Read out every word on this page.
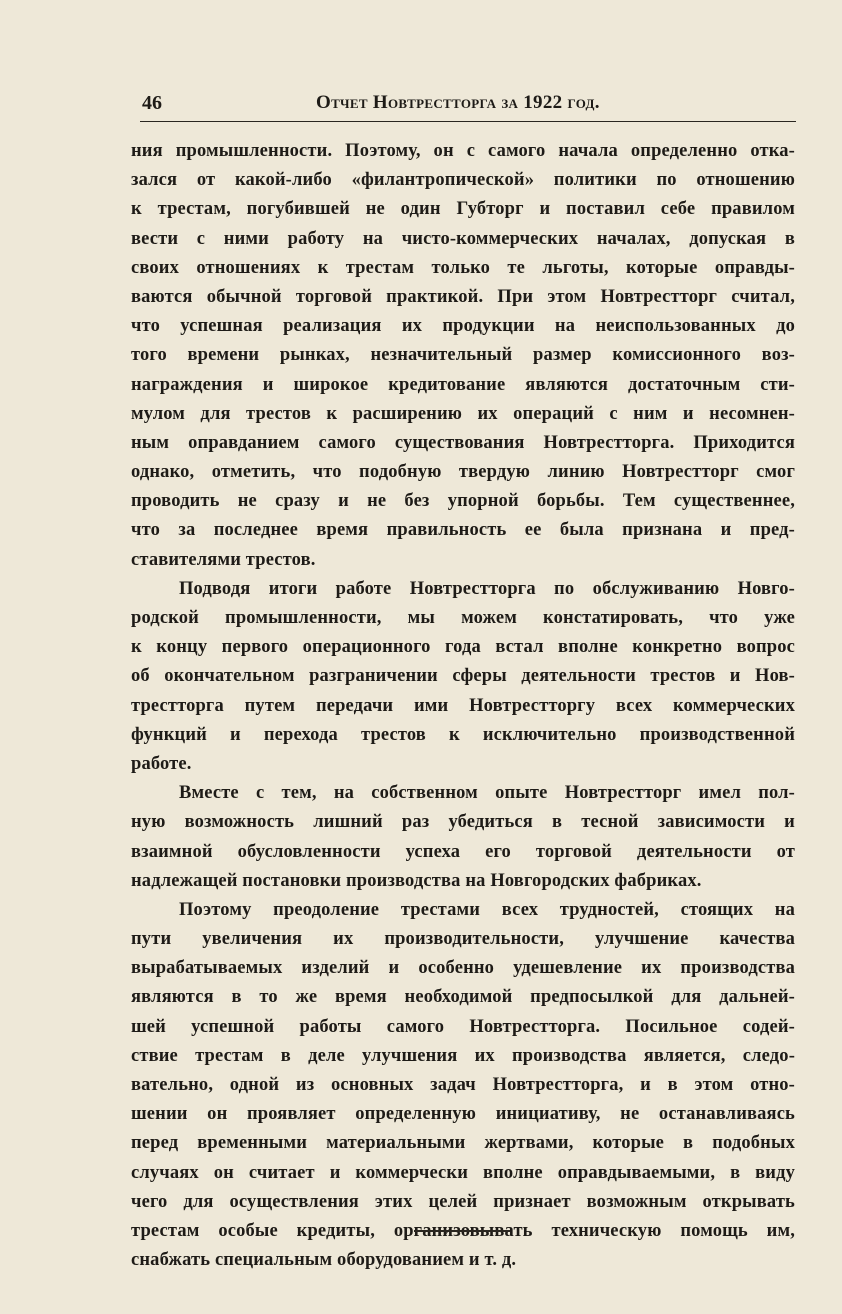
46	Отчет Новтрестторга за 1922 год.
ния промышленности. Поэтому, он с самого начала определенно отка-
зался от какой-либо «филантропической» политики по отношению
к трестам, погубившей не один Губторг и поставил себе правилом
вести с ними работу на чисто-коммерческих началах, допуская в
своих отношениях к трестам только те льготы, которые оправды-
ваются обычной торговой практикой. При этом Новтрестторг считал,
что успешная реализация их продукции на неиспользованных до
того времени рынках, незначительный размер комиссионного воз-
награждения и широкое кредитование являются достаточным сти-
мулом для трестов к расширению их операций с ним и несомнен-
ным оправданием самого существования Новтрестторга. Приходится
однако, отметить, что подобную твердую линию Новтрестторг смог
проводить не сразу и не без упорной борьбы. Тем существеннее,
что за последнее время правильность ее была признана и пред-
ставителями трестов.
Подводя итоги работе Новтрестторга по обслуживанию Новго-
родской промышленности, мы можем констатировать, что уже
к концу первого операционного года встал вполне конкретно вопрос
об окончательном разграничении сферы деятельности трестов и Нов-
трестторга путем передачи ими Новтрестторгу всех коммерческих
функций и перехода трестов к исключительно производственной
работе.
Вместе с тем, на собственном опыте Новтрестторг имел пол-
ную возможность лишний раз убедиться в тесной зависимости и
взаимной обусловленности успеха его торговой деятельности от
надлежащей постановки производства на Новгородских фабриках.
Поэтому преодоление трестами всех трудностей, стоящих на
пути увеличения их производительности, улучшение качества
вырабатываемых изделий и особенно удешевление их производства
являются в то же время необходимой предпосылкой для дальней-
шей успешной работы самого Новтрестторга. Посильное содей-
ствие трестам в деле улучшения их производства является, следо-
вательно, одной из основных задач Новтрестторга, и в этом отно-
шении он проявляет определенную инициативу, не останавливаясь
перед временными материальными жертвами, которые в подобных
случаях он считает и коммерчески вполне оправдываемыми, в виду
чего для осуществления этих целей признает возможным открывать
трестам особые кредиты, организовывать техническую помощь им,
снабжать специальным оборудованием и т. д.
